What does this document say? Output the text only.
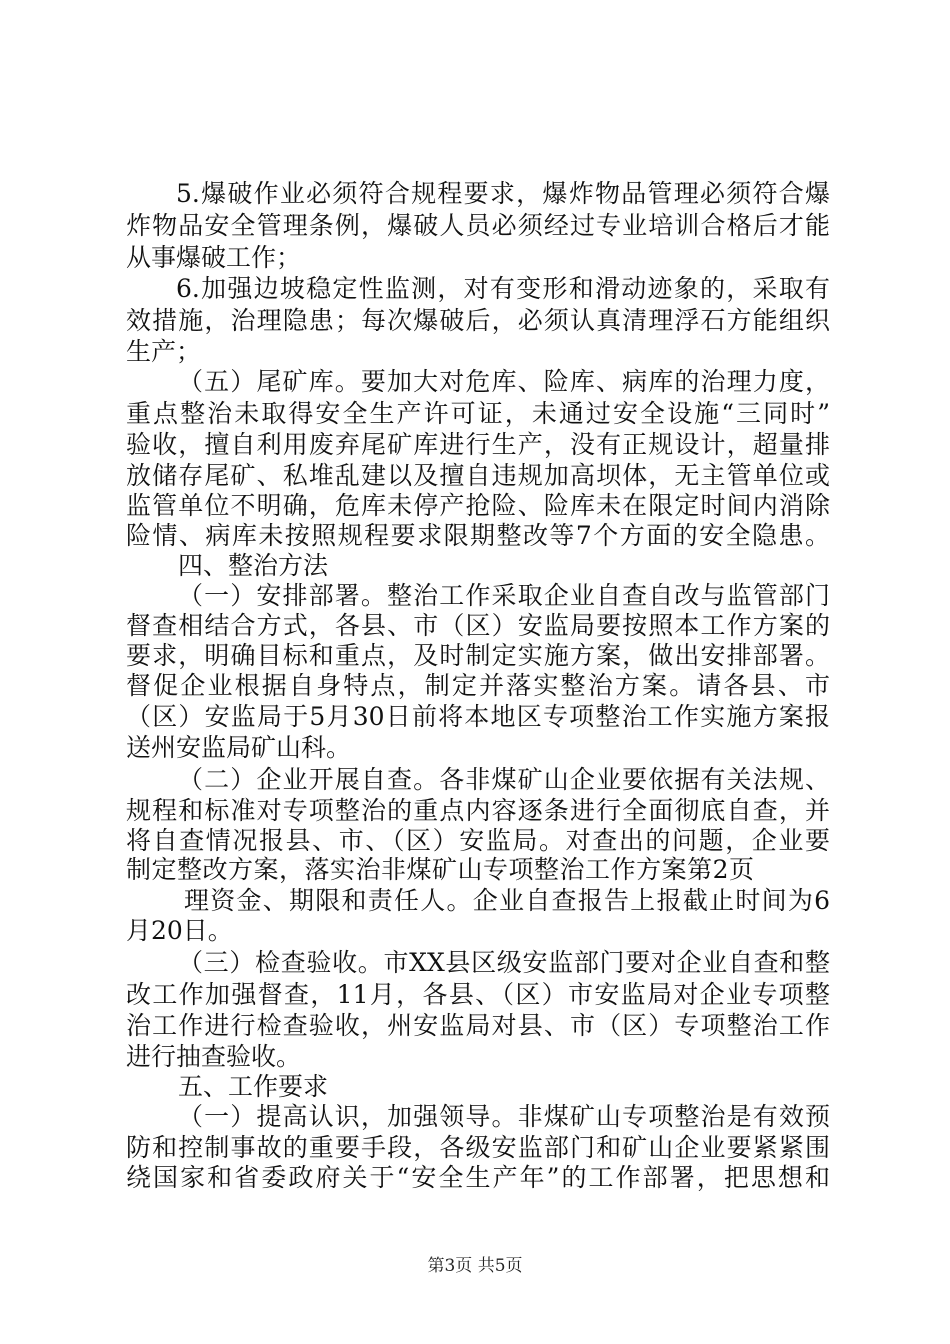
5.爆破作业必须符合规程要求，爆炸物品管理必须符合爆
炸物品安全管理条例，爆破人员必须经过专业培训合格后才能
从事爆破工作；
6.加强边坡稳定性监测，对有变形和滑动迹象的，采取有
效措施，治理隐患；每次爆破后，必须认真清理浮石方能组织
生产；
（五）尾矿库。要加大对危库、险库、病库的治理力度，
重点整治未取得安全生产许可证，未通过安全设施“三同时”
验收，擅自利用废弃尾矿库进行生产，没有正规设计，超量排
放储存尾矿、私堆乱建以及擅自违规加高坝体，无主管单位或
监管单位不明确，危库未停产抢险、险库未在限定时间内消除
险情、病库未按照规程要求限期整改等7个方面的安全隐患。
四、整治方法
（一）安排部署。整治工作采取企业自查自改与监管部门
督查相结合方式，各县、市（区）安监局要按照本工作方案的
要求，明确目标和重点，及时制定实施方案，做出安排部署。
督促企业根据自身特点，制定并落实整治方案。请各县、市
（区）安监局于5月30日前将本地区专项整治工作实施方案报
送州安监局矿山科。
（二）企业开展自查。各非煤矿山企业要依据有关法规、
规程和标准对专项整治的重点内容逐条进行全面彻底自查，并
将自查情况报县、市、（区）安监局。对查出的问题，企业要
制定整改方案，落实治非煤矿山专项整治工作方案第2页
理资金、期限和责任人。企业自查报告上报截止时间为6
月20日。
（三）检查验收。市XX县区级安监部门要对企业自查和整
改工作加强督查，11月，各县、（区）市安监局对企业专项整
治工作进行检查验收，州安监局对县、市（区）专项整治工作
进行抽查验收。
五、工作要求
（一）提高认识，加强领导。非煤矿山专项整治是有效预
防和控制事故的重要手段，各级安监部门和矿山企业要紧紧围
绕国家和省委政府关于“安全生产年”的工作部署，把思想和
第3页 共5页
